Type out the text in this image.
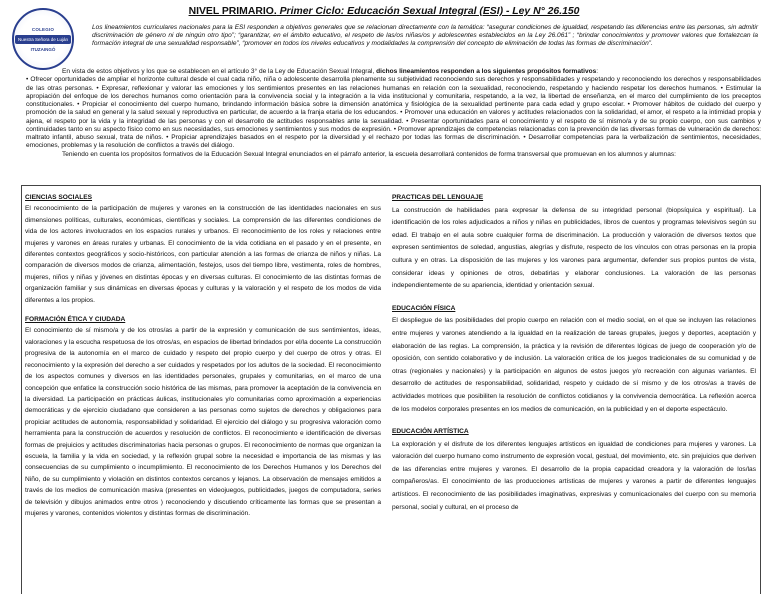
COLEGIO
Nuestra Señora de Luján
ITUZAINGÓ
NIVEL PRIMARIO. Primer Ciclo: Educación Sexual Integral (ESI) - Ley N° 26.150
Los lineamientos curriculares nacionales para la ESI responden a objetivos generales que se relacionan directamente con la temática: “asegurar condiciones de igualdad, respetando las diferencias entre las personas, sin admitir discriminación de género ni de ningún otro tipo”; “garantizar, en el ámbito educativo, el respeto de las/os niñas/os y adolescentes establecidos en la Ley 26.061” ; “brindar conocimientos y promover valores que fortalezcan la formación integral de una sexualidad responsable”, “promover en todos los niveles educativos y modalidades la comprensión del concepto de eliminación de todas las formas de discriminación”.

En vista de estos objetivos y los que se establecen en el artículo 3° de la Ley de Educación Sexual Integral, dichos lineamientos responden a los siguientes propósitos formativos:

• Ofrecer oportunidades de ampliar el horizonte cultural desde el cual cada niño, niña o adolescente desarrolla plenamente su subjetividad reconociendo sus derechos y responsabilidades y respetando y reconociendo los derechos y responsabilidades de las otras personas. • Expresar, reflexionar y valorar las emociones y los sentimientos presentes en las relaciones humanas en relación con la sexualidad, reconociendo, respetando y haciendo respetar los derechos humanos. • Estimular la apropiación del enfoque de los derechos humanos como orientación para la convivencia social y la integración a la vida institucional y comunitaria, respetando, a la vez, la libertad de enseñanza, en el marco del cumplimiento de los preceptos constitucionales. • Propiciar el conocimiento del cuerpo humano, brindando información básica sobre la dimensión anatómica y fisiológica de la sexualidad pertinente para cada edad y grupo escolar. • Promover hábitos de cuidado del cuerpo y promoción de la salud en general y la salud sexual y reproductiva en particular, de acuerdo a la franja etaria de los educandos. • Promover una educación en valores y actitudes relacionados con la solidaridad, el amor, el respeto a la intimidad propia y ajena, el respeto por la vida y la integridad de las personas y con el desarrollo de actitudes responsables ante la sexualidad. • Presentar oportunidades para el conocimiento y el respeto de sí mismo/a y de su propio cuerpo, con sus cambios y continuidades tanto en su aspecto físico como en sus necesidades, sus emociones y sentimientos y sus modos de expresión. • Promover aprendizajes de competencias relacionadas con la prevención de las diversas formas de vulneración de derechos: maltrato infantil, abuso sexual, trata de niños. • Propiciar aprendizajes basados en el respeto por la diversidad y el rechazo por todas las formas de discriminación. • Desarrollar competencias para la verbalización de sentimientos, necesidades, emociones, problemas y la resolución de conflictos a través del diálogo.

Teniendo en cuenta los propósitos formativos de la Educación Sexual Integral enunciados en el párrafo anterior, la escuela desarrollará contenidos de forma transversal que promuevan en los alumnos y alumnas:

CIENCIAS SOCIALES

El reconocimiento de la participación de mujeres y varones en la construcción de las identidades nacionales en sus dimensiones políticas, culturales, económicas, científicas y sociales. La comprensión de las diferentes condiciones de vida de los actores involucrados en los espacios rurales y urbanos. El reconocimiento de los roles y relaciones entre mujeres y varones en áreas rurales y urbanas. El conocimiento de la vida cotidiana en el pasado y en el presente, en diferentes contextos geográficos y socio-históricos, con particular atención a las formas de crianza de niños y niñas. La comparación de diversos modos de crianza, alimentación, festejos, usos del tiempo libre, vestimenta, roles de hombres, mujeres, niños y niñas y jóvenes en distintas épocas y en diversas culturas. El conocimiento de las distintas formas de organización familiar y sus dinámicas en diversas épocas y culturas y la valoración y el respeto de los modos de vida diferentes a los propios.

FORMACIÓN ÉTICA Y CIUDADA

El conocimiento de sí mismo/a y de los otros/as a partir de la expresión y comunicación de sus sentimientos, ideas, valoraciones y la escucha respetuosa de los otros/as, en espacios de libertad brindados por el/la docente La construcción progresiva de la autonomía en el marco de cuidado y respeto del propio cuerpo y del cuerpo de otros y otras. El reconocimiento y la expresión del derecho a ser cuidados y respetados por los adultos de la sociedad. El reconocimiento de los aspectos comunes y diversos en las identidades personales, grupales y comunitarias, en el marco de una concepción que enfatice la construcción socio histórica de las mismas, para promover la aceptación de la convivencia en la diversidad. La participación en prácticas áulicas, institucionales y/o comunitarias como aproximación a experiencias democráticas y de ejercicio ciudadano que consideren a las personas como sujetos de derechos y obligaciones para propiciar actitudes de autonomía, responsabilidad y solidaridad. El ejercicio del diálogo y su progresiva valoración como herramienta para la construcción de acuerdos y resolución de conflictos. El reconocimiento e identificación de diversas formas de prejuicios y actitudes discriminatorias hacia personas o grupos. El reconocimiento de normas que organizan la escuela, la familia y la vida en sociedad, y la reflexión grupal sobre la necesidad e importancia de las mismas y las consecuencias de su cumplimiento o incumplimiento. El reconocimiento de los Derechos Humanos y los Derechos del Niño, de su cumplimiento y violación en distintos contextos cercanos y lejanos. La observación de mensajes emitidos a través de los medios de comunicación masiva (presentes en videojuegos, publicidades, juegos de computadora, series de televisión y dibujos animados entre otros ) reconociendo y discutiendo críticamente las formas que se presentan a mujeres y varones, contenidos violentos y distintas formas de discriminación.

PRACTICAS DEL LENGUAJE

La construcción de habilidades para expresar la defensa de su integridad personal (biopsíquica y espiritual). La identificación de los roles adjudicados a niños y niñas en publicidades, libros de cuentos y programas televisivos según su edad. El trabajo en el aula sobre cualquier forma de discriminación. La producción y valoración de diversos textos que expresen sentimientos de soledad, angustias, alegrías y disfrute, respecto de los vínculos con otras personas en la propia cultura y en otras. La disposición de las mujeres y los varones para argumentar, defender sus propios puntos de vista, considerar ideas y opiniones de otros, debatirlas y elaborar conclusiones. La valoración de las personas independientemente de su apariencia, identidad y orientación sexual.

EDUCACIÓN FÍSICA

El despliegue de las posibilidades del propio cuerpo en relación con el medio social, en el que se incluyen las relaciones entre mujeres y varones atendiendo a la igualdad en la realización de tareas grupales, juegos y deportes, aceptación y elaboración de las reglas. La comprensión, la práctica y la revisión de diferentes lógicas de juego de cooperación y/o de oposición, con sentido colaborativo y de inclusión. La valoración crítica de los juegos tradicionales de su comunidad y de otras (regionales y nacionales) y la participación en algunos de estos juegos y/o recreación con algunas variantes. El desarrollo de actitudes de responsabilidad, solidaridad, respeto y cuidado de sí mismo y de los otros/as a través de actividades motrices que posibiliten la resolución de conflictos cotidianos y la convivencia democrática. La reflexión acerca de los modelos corporales presentes en los medios de comunicación, en la publicidad y en el deporte espectáculo.

EDUCACIÓN ARTÍSTICA

La exploración y el disfrute de los diferentes lenguajes artísticos en igualdad de condiciones para mujeres y varones. La valoración del cuerpo humano como instrumento de expresión vocal, gestual, del movimiento, etc. sin prejuicios que deriven de las diferencias entre mujeres y varones. El desarrollo de la propia capacidad creadora y la valoración de los/las compañeros/as. El conocimiento de las producciones artísticas de mujeres y varones a partir de diferentes lenguajes artísticos. El reconocimiento de las posibilidades imaginativas, expresivas y comunicacionales del cuerpo con su memoria personal, social y cultural, en el proceso de
